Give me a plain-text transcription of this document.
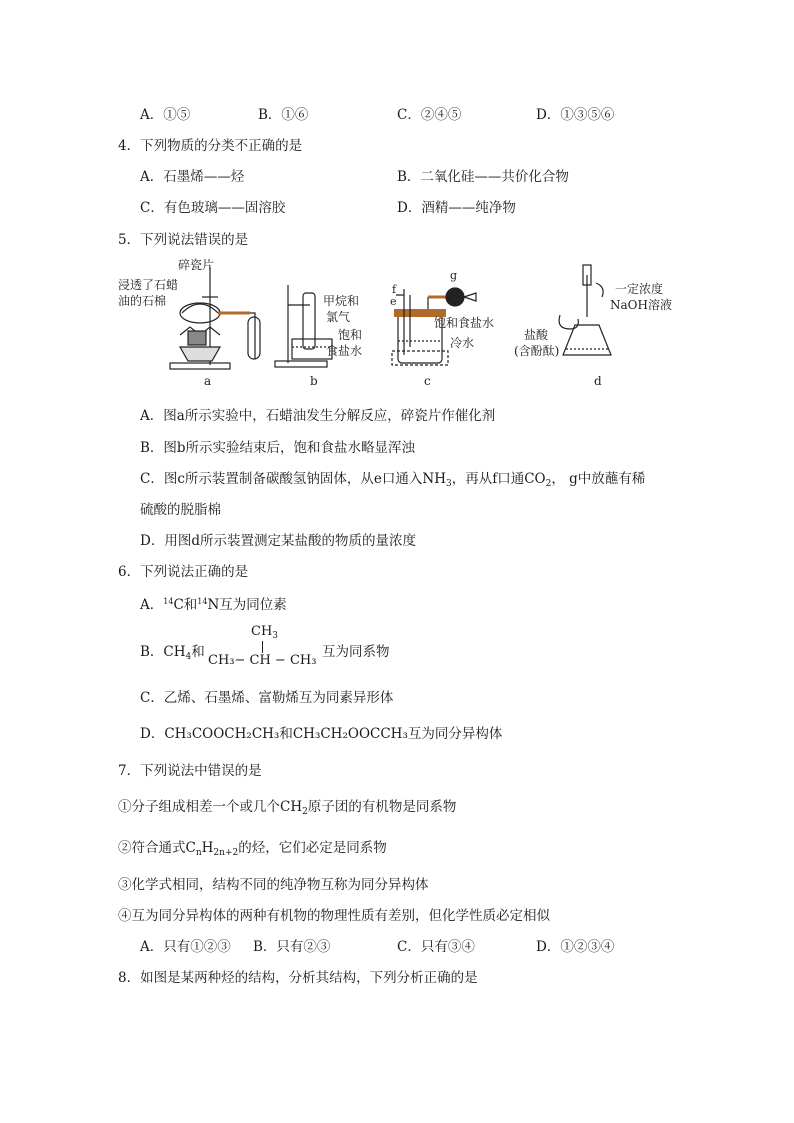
A．①⑤	B．①⑥	C．②④⑤	D．①③⑤⑥
4．下列物质的分类不正确的是
A．石墨烯——烃	B．二氧化硅——共价化合物
C．有色玻璃——固溶胶	D．酒精——纯净物
5．下列说法错误的是
碎瓷片
浸透了石蜡
油的石棉
a
甲烷和
氯气
饱和
食盐水
b
f
e
g
饱和食盐水
冷水
c
一定浓度
NaOH溶液
盐酸
(含酚酞)
d
A．图a所示实验中，石蜡油发生分解反应，碎瓷片作催化剂
B．图b所示实验结束后，饱和食盐水略显浑浊
C．图c所示装置制备碳酸氢钠固体，从e口通入$NH_3$，再从f口通$CO_2$， g中放蘸有稀
硫酸的脱脂棉
D．用图d所示装置测定某盐酸的物质的量浓度
6．下列说法正确的是
A．$^{14}$C和$^{14}$N互为同位素
B．$CH_4$和
$CH_3$
CH₃− CH − CH₃
互为同系物
C．乙烯、石墨烯、富勒烯互为同素异形体
D．CH₃COOCH₂CH₃和CH₃CH₂OOCCH₃互为同分异构体
7．下列说法中错误的是
①分子组成相差一个或几个$CH_2$原子团的有机物是同系物
②符合通式$C_nH_{2n+2}$的烃，它们必定是同系物
③化学式相同，结构不同的纯净物互称为同分异构体
④互为同分异构体的两种有机物的物理性质有差别，但化学性质必定相似
A．只有①②③ B．只有②③	C．只有③④	D．①②③④
8．如图是某两种烃的结构，分析其结构，下列分析正确的是
